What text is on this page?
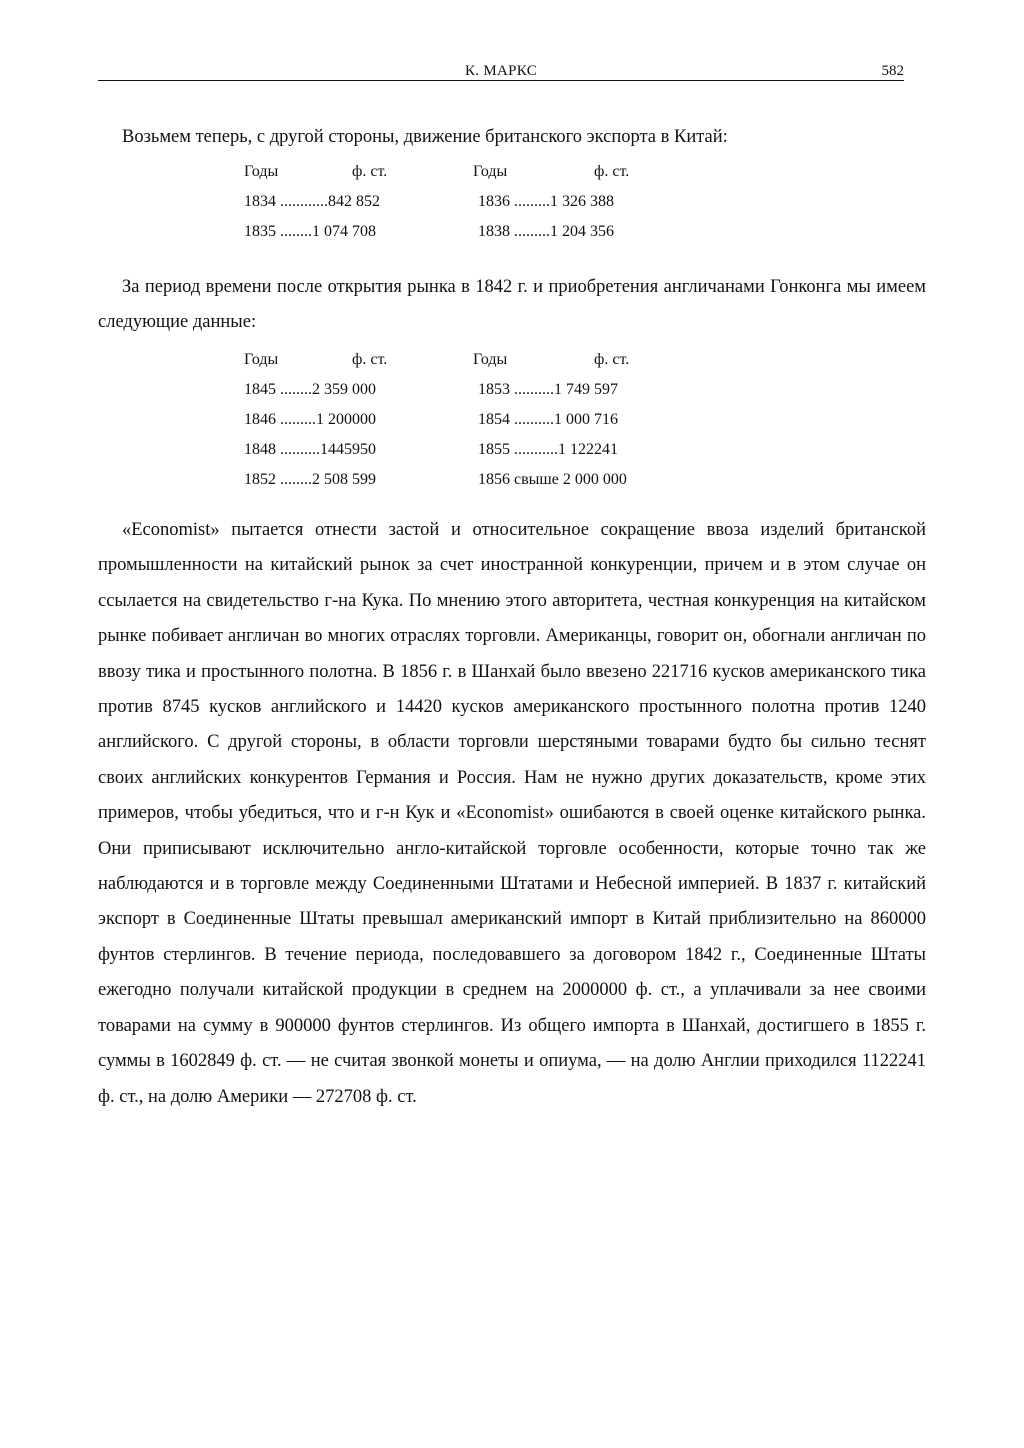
К. МАРКС	582
Возьмем теперь, с другой стороны, движение британского экспорта в Китай:
Годы	ф. ст.	Годы	ф. ст.
1834 ............842 852	1836 .........1 326 388
1835 ........1 074 708	1838 .........1 204 356
За период времени после открытия рынка в 1842 г. и приобретения англичанами Гонконга мы имеем следующие данные:
Годы	ф. ст.	Годы	ф. ст.
1845 ........2 359 000	1853 ..........1 749 597
1846 .........1 200000	1854 ..........1 000 716
1848 ..........1445950	1855 ...........1 122241
1852 ........2 508 599	1856 свыше 2 000 000
«Economist» пытается отнести застой и относительное сокращение ввоза изделий британской промышленности на китайский рынок за счет иностранной конкуренции, причем и в этом случае он ссылается на свидетельство г-на Кука. По мнению этого авторитета, честная конкуренция на китайском рынке побивает англичан во многих отраслях торговли. Американцы, говорит он, обогнали англичан по ввозу тика и простынного полотна. В 1856 г. в Шанхай было ввезено 221716 кусков американского тика против 8745 кусков английского и 14420 кусков американского простынного полотна против 1240 английского. С другой стороны, в области торговли шерстяными товарами будто бы сильно теснят своих английских конкурентов Германия и Россия. Нам не нужно других доказательств, кроме этих примеров, чтобы убедиться, что и г-н Кук и «Economist» ошибаются в своей оценке китайского рынка. Они приписывают исключительно англо-китайской торговле особенности, которые точно так же наблюдаются и в торговле между Соединенными Штатами и Небесной империей. В 1837 г. китайский экспорт в Соединенные Штаты превышал американский импорт в Китай приблизительно на 860000 фунтов стерлингов. В течение периода, последовавшего за договором 1842 г., Соединенные Штаты ежегодно получали китайской продукции в среднем на 2000000 ф. ст., а уплачивали за нее своими товарами на сумму в 900000 фунтов стерлингов. Из общего импорта в Шанхай, достигшего в 1855 г. суммы в 1602849 ф. ст. — не считая звонкой монеты и опиума, — на долю Англии приходился 1122241 ф. ст., на долю Америки — 272708 ф. ст.
